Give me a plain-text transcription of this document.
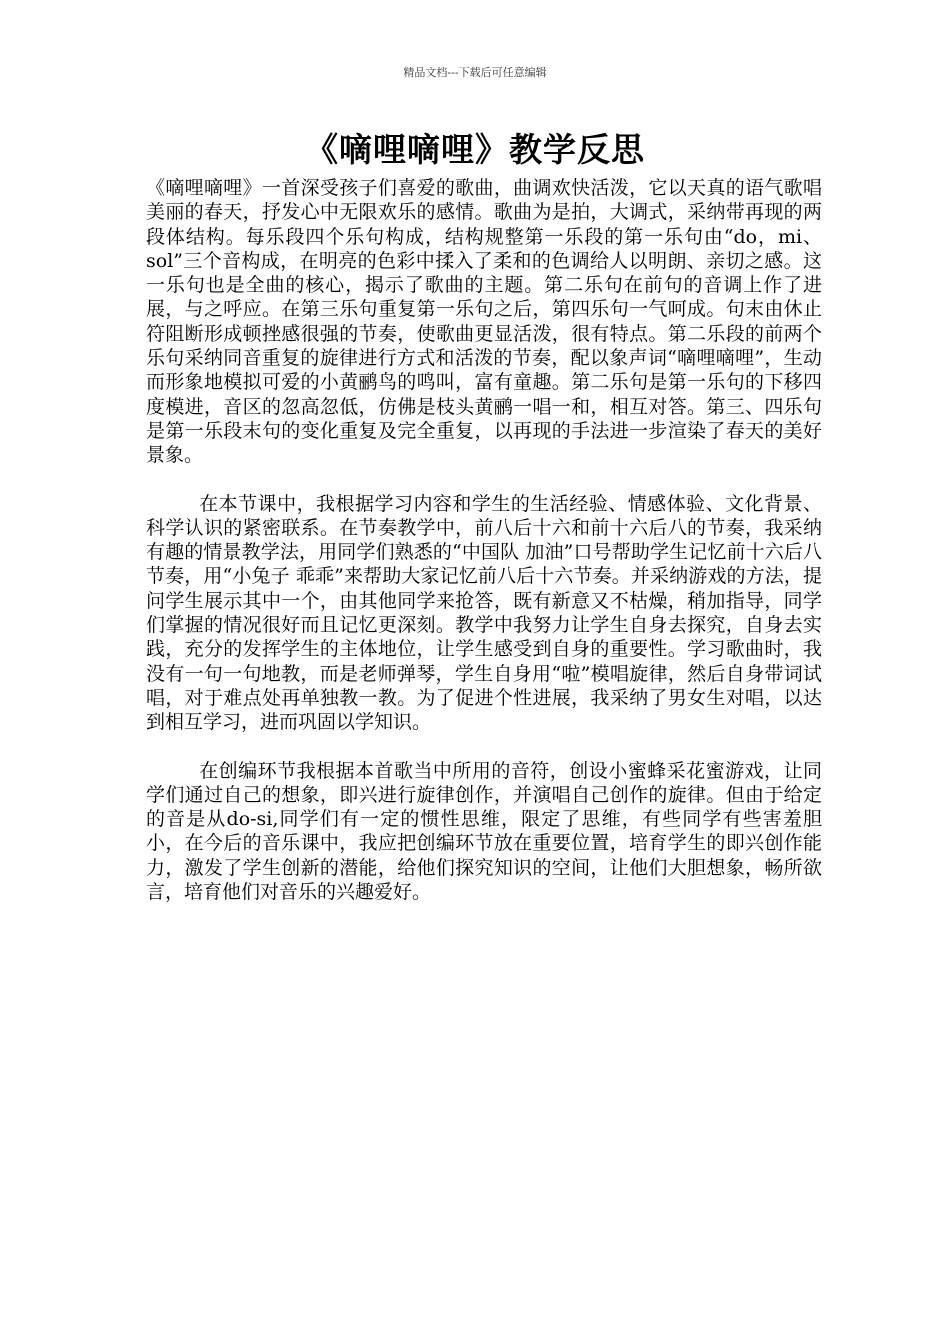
精品文档---下载后可任意编辑
《嘀哩嘀哩》教学反思

《嘀哩嘀哩》一首深受孩子们喜爱的歌曲，曲调欢快活泼，它以天真的语气歌唱美丽的春天，抒发心中无限欢乐的感情。歌曲为是拍，大调式，采纳带再现的两段体结构。每乐段四个乐句构成，结构规整第一乐段的第一乐句由“do，mi、sol”三个音构成，在明亮的色彩中揉入了柔和的色调给人以明朗、亲切之感。这一乐句也是全曲的核心，揭示了歌曲的主题。第二乐句在前句的音调上作了进展，与之呼应。在第三乐句重复第一乐句之后，第四乐句一气呵成。句末由休止符阻断形成顿挫感很强的节奏，使歌曲更显活泼，很有特点。第二乐段的前两个乐句采纳同音重复的旋律进行方式和活泼的节奏，配以象声词“嘀哩嘀哩”，生动而形象地模拟可爱的小黄鹂鸟的鸣叫，富有童趣。第二乐句是第一乐句的下移四度模进，音区的忽高忽低，仿佛是枝头黄鹂一唱一和，相互对答。第三、四乐句是第一乐段末句的变化重复及完全重复，以再现的手法进一步渲染了春天的美好景象。

在本节课中，我根据学习内容和学生的生活经验、情感体验、文化背景、科学认识的紧密联系。在节奏教学中，前八后十六和前十六后八的节奏，我采纳有趣的情景教学法，用同学们熟悉的“中国队 加油”口号帮助学生记忆前十六后八节奏，用“小兔子 乖乖”来帮助大家记忆前八后十六节奏。并采纳游戏的方法，提问学生展示其中一个，由其他同学来抢答，既有新意又不枯燥，稍加指导，同学们掌握的情况很好而且记忆更深刻。教学中我努力让学生自身去探究，自身去实践，充分的发挥学生的主体地位，让学生感受到自身的重要性。学习歌曲时，我没有一句一句地教，而是老师弹琴，学生自身用“啦”模唱旋律，然后自身带词试唱，对于难点处再单独教一教。为了促进个性进展，我采纳了男女生对唱，以达到相互学习，进而巩固以学知识。

在创编环节我根据本首歌当中所用的音符，创设小蜜蜂采花蜜游戏，让同学们通过自己的想象，即兴进行旋律创作，并演唱自己创作的旋律。但由于给定的音是从do-si,同学们有一定的惯性思维，限定了思维，有些同学有些害羞胆小，在今后的音乐课中，我应把创编环节放在重要位置，培育学生的即兴创作能力，激发了学生创新的潜能，给他们探究知识的空间，让他们大胆想象，畅所欲言，培育他们对音乐的兴趣爱好。
